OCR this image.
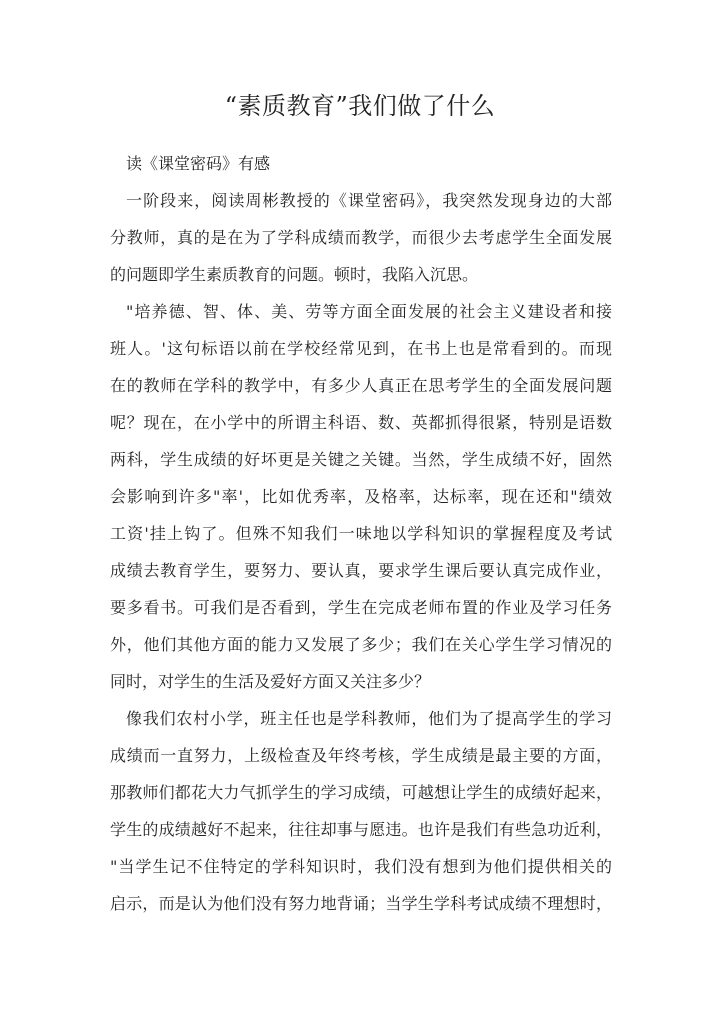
“素质教育”我们做了什么

读《课堂密码》有感

一阶段来，阅读周彬教授的《课堂密码》，我突然发现身边的大部
分教师，真的是在为了学科成绩而教学，而很少去考虑学生全面发展
的问题即学生素质教育的问题。顿时，我陷入沉思。

"培养德、智、体、美、劳等方面全面发展的社会主义建设者和接
班人。'这句标语以前在学校经常见到，在书上也是常看到的。而现
在的教师在学科的教学中，有多少人真正在思考学生的全面发展问题
呢？现在，在小学中的所谓主科语、数、英都抓得很紧，特别是语数
两科，学生成绩的好坏更是关键之关键。当然，学生成绩不好，固然
会影响到许多"率'，比如优秀率，及格率，达标率，现在还和"绩效
工资'挂上钩了。但殊不知我们一味地以学科知识的掌握程度及考试
成绩去教育学生，要努力、要认真，要求学生课后要认真完成作业，
要多看书。可我们是否看到，学生在完成老师布置的作业及学习任务
外，他们其他方面的能力又发展了多少；我们在关心学生学习情况的
同时，对学生的生活及爱好方面又关注多少？

像我们农村小学，班主任也是学科教师，他们为了提高学生的学习
成绩而一直努力，上级检查及年终考核，学生成绩是最主要的方面，
那教师们都花大力气抓学生的学习成绩，可越想让学生的成绩好起来，
学生的成绩越好不起来，往往却事与愿违。也许是我们有些急功近利，
"当学生记不住特定的学科知识时，我们没有想到为他们提供相关的
启示，而是认为他们没有努力地背诵；当学生学科考试成绩不理想时，
